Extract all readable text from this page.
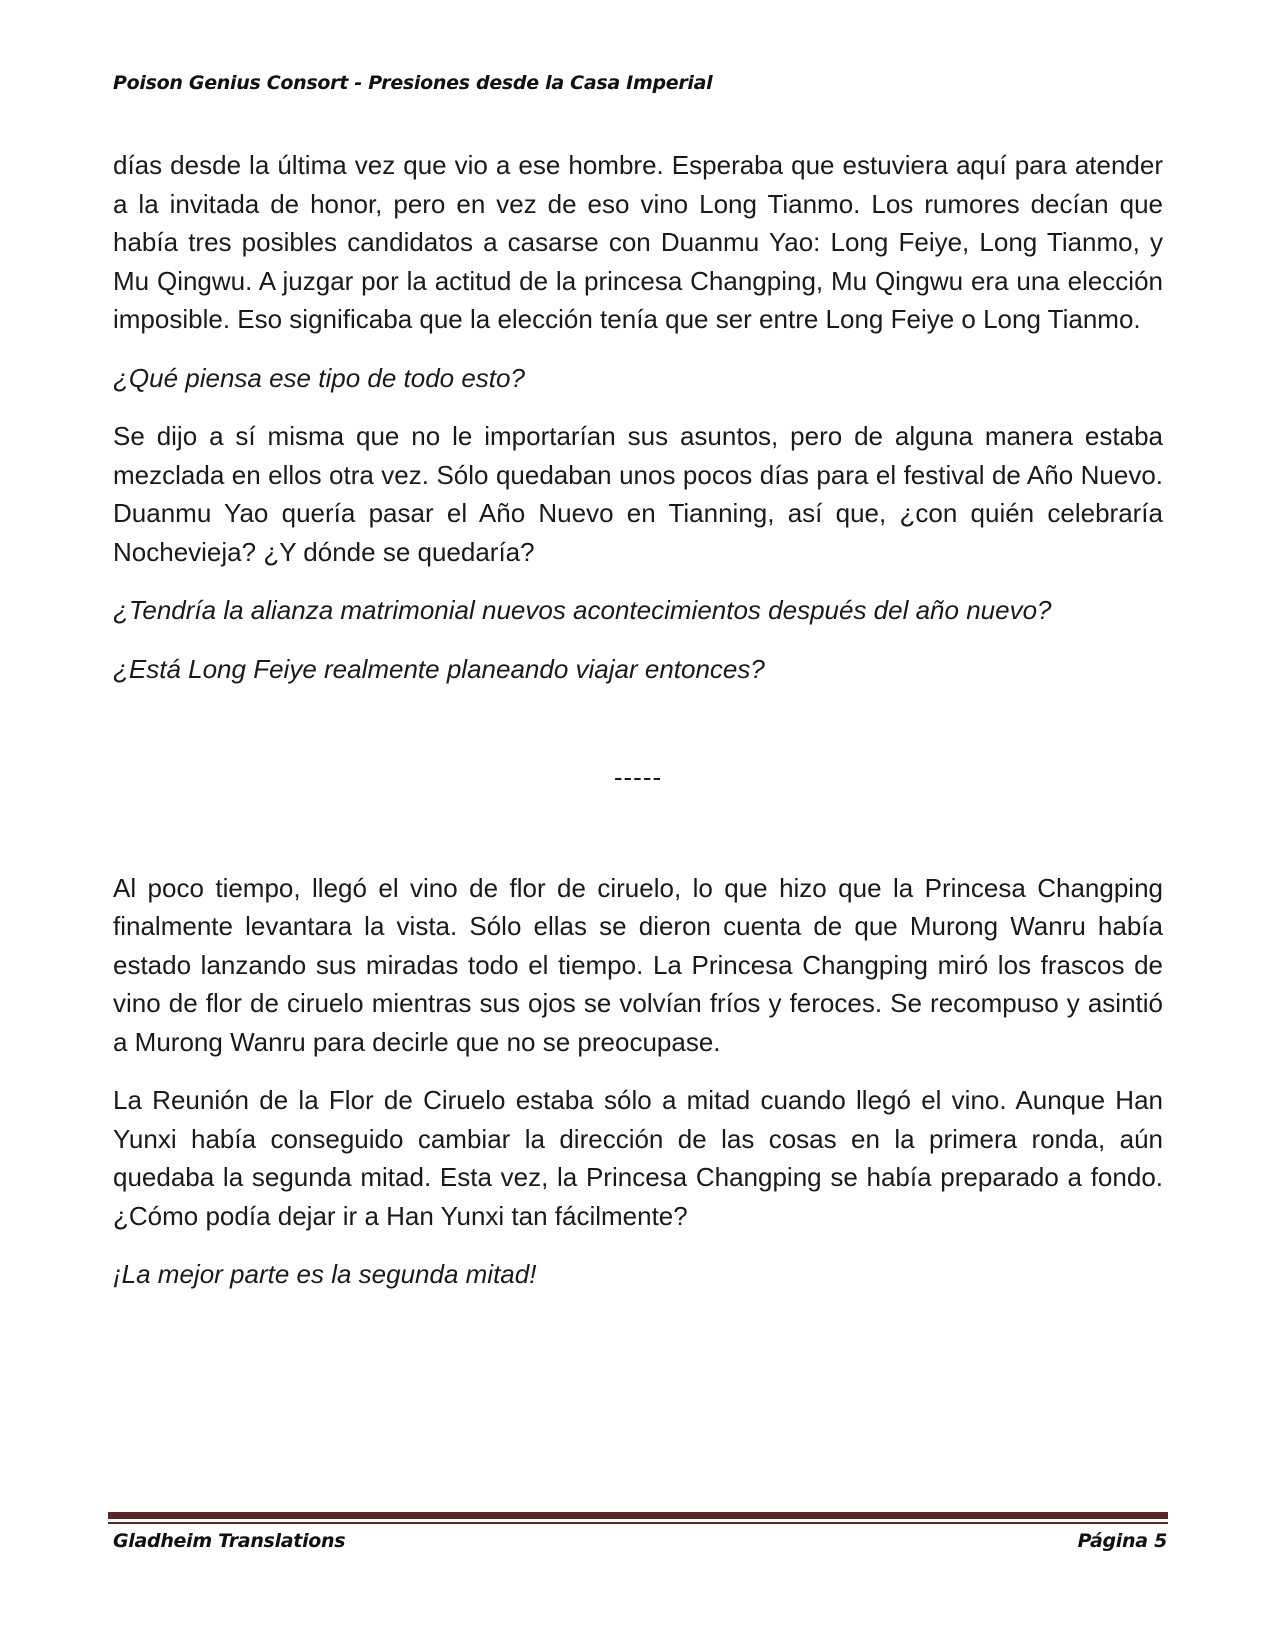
Poison Genius Consort - Presiones desde la Casa Imperial

días desde la última vez que vio a ese hombre. Esperaba que estuviera aquí para atender a la invitada de honor, pero en vez de eso vino Long Tianmo. Los rumores decían que había tres posibles candidatos a casarse con Duanmu Yao: Long Feiye, Long Tianmo, y Mu Qingwu. A juzgar por la actitud de la princesa Changping, Mu Qingwu era una elección imposible. Eso significaba que la elección tenía que ser entre Long Feiye o Long Tianmo.

¿Qué piensa ese tipo de todo esto?

Se dijo a sí misma que no le importarían sus asuntos, pero de alguna manera estaba mezclada en ellos otra vez. Sólo quedaban unos pocos días para el festival de Año Nuevo. Duanmu Yao quería pasar el Año Nuevo en Tianning, así que, ¿con quién celebraría Nochevieja? ¿Y dónde se quedaría?

¿Tendría la alianza matrimonial nuevos acontecimientos después del año nuevo?

¿Está Long Feiye realmente planeando viajar entonces?

-----

Al poco tiempo, llegó el vino de flor de ciruelo, lo que hizo que la Princesa Changping finalmente levantara la vista. Sólo ellas se dieron cuenta de que Murong Wanru había estado lanzando sus miradas todo el tiempo. La Princesa Changping miró los frascos de vino de flor de ciruelo mientras sus ojos se volvían fríos y feroces. Se recompuso y asintió a Murong Wanru para decirle que no se preocupase.

La Reunión de la Flor de Ciruelo estaba sólo a mitad cuando llegó el vino. Aunque Han Yunxi había conseguido cambiar la dirección de las cosas en la primera ronda, aún quedaba la segunda mitad. Esta vez, la Princesa Changping se había preparado a fondo. ¿Cómo podía dejar ir a Han Yunxi tan fácilmente?

¡La mejor parte es la segunda mitad!

Gladheim Translations	Página 5
